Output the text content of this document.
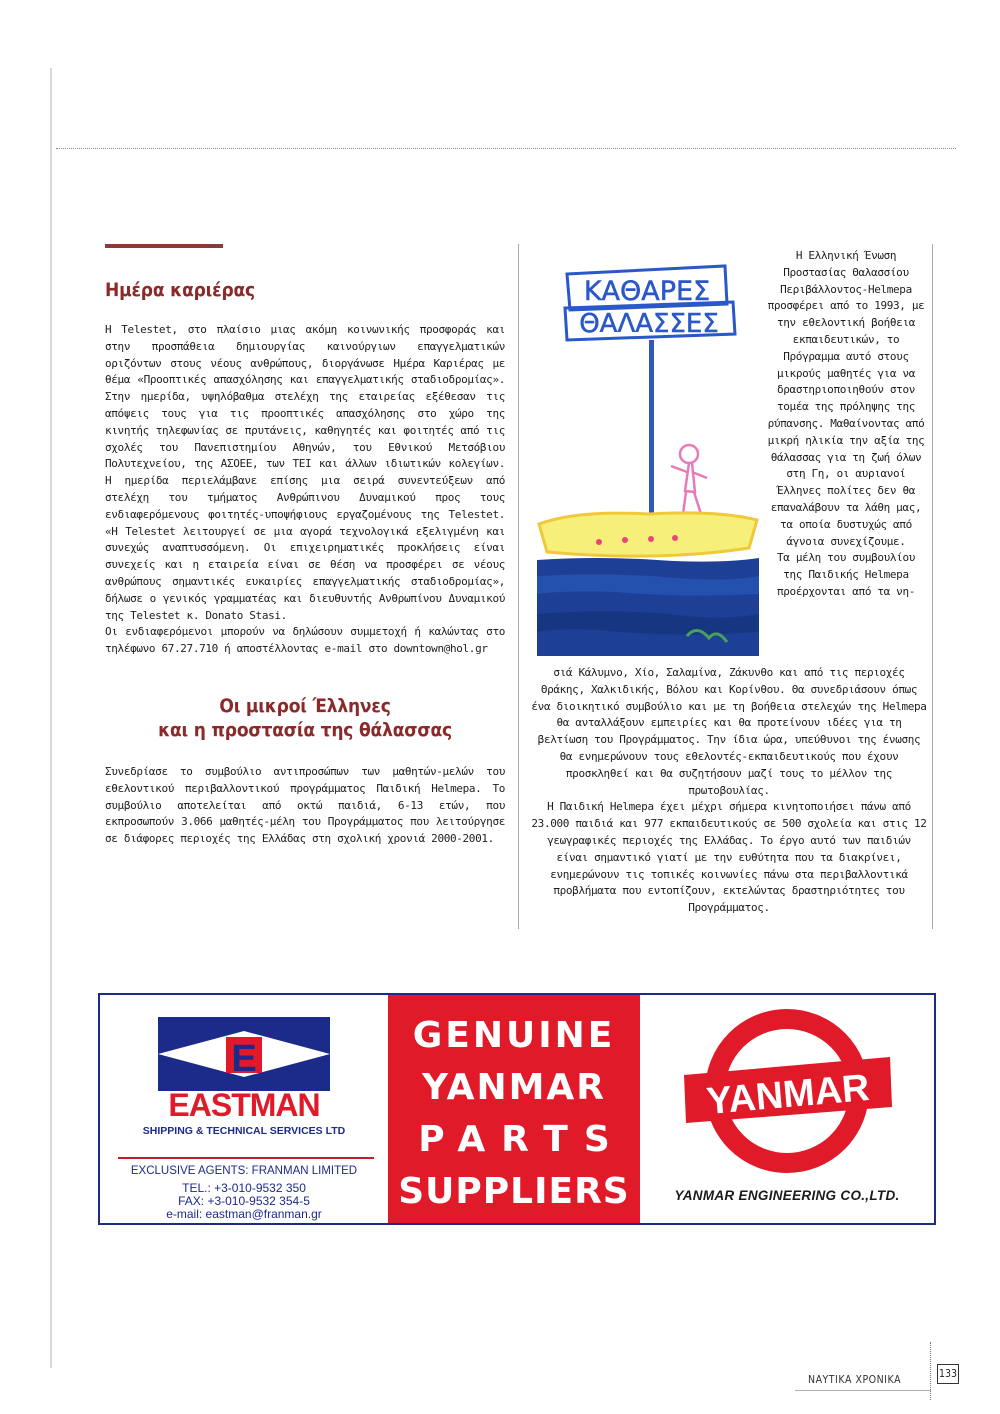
Ημέρα καριέρας

Η Telestet, στο πλαίσιο μιας ακόμη κοινωνικής προσφοράς και στην προσπάθεια δημιουργίας καινούργιων επαγγελματικών οριζόντων στους νέους ανθρώπους, διοργάνωσε Ημέρα Καριέρας με θέμα «Προοπτικές απασχόλησης και επαγγελματικής σταδιοδρομίας». Στην ημερίδα, υψηλόβαθμα στελέχη της εταιρείας εξέθεσαν τις απόψεις τους για τις προοπτικές απασχόλησης στο χώρο της κινητής τηλεφωνίας σε πρυτάνεις, καθηγητές και φοιτητές από τις σχολές του Πανεπιστημίου Αθηνών, του Εθνικού Μετσόβιου Πολυτεχνείου, της ΑΣΟΕΕ, των ΤΕΙ και άλλων ιδιωτικών κολεγίων. Η ημερίδα περιελάμβανε επίσης μια σειρά συνεντεύξεων από στελέχη του τμήματος Ανθρώπινου Δυναμικού προς τους ενδιαφερόμενους φοιτητές-υποψήφιους εργαζομένους της Telestet. «Η Telestet λειτουργεί σε μια αγορά τεχνολογικά εξελιγμένη και συνεχώς αναπτυσσόμενη. Οι επιχειρηματικές προκλήσεις είναι συνεχείς και η εταιρεία είναι σε θέση να προσφέρει σε νέους ανθρώπους σημαντικές ευκαιρίες επαγγελματικής σταδιοδρομίας», δήλωσε ο γενικός γραμματέας και διευθυντής Ανθρωπίνου Δυναμικού της Telestet κ. Donato Stasi.

Οι ενδιαφερόμενοι μπορούν να δηλώσουν συμμετοχή ή καλώντας στο τηλέφωνο 67.27.710 ή αποστέλλοντας e-mail στο downtown@hol.gr

Οι μικροί Έλληνες
και η προστασία της θάλασσας

Συνεδρίασε το συμβούλιο αντιπροσώπων των μαθητών-μελών του εθελοντικού περιβαλλοντικού προγράμματος Παιδική Helmepa. Το συμβούλιο αποτελείται από οκτώ παιδιά, 6-13 ετών, που εκπροσωπούν 3.066 μαθητές-μέλη του Προγράμματος που λειτούργησε σε διάφορες περιοχές της Ελλάδας στη σχολική χρονιά 2000-2001.

ΚΑΘΑΡΕΣ
ΘΑΛΑΣΣΕΣ

Η Ελληνική Ένωση Προστασίας Θαλασσίου Περιβάλλοντος-Helmepa προσφέρει από το 1993, με την εθελοντική βοήθεια εκπαιδευτικών, το Πρόγραμμα αυτό στους μικρούς μαθητές για να δραστηριοποιηθούν στον τομέα της πρόληψης της ρύπανσης. Μαθαίνοντας από μικρή ηλικία την αξία της θάλασσας για τη ζωή όλων στη Γη, οι αυριανοί Έλληνες πολίτες δεν θα επαναλάβουν τα λάθη μας, τα οποία δυστυχώς από άγνοια συνεχίζουμε.

Τα μέλη του συμβουλίου της Παιδικής Helmepa προέρχονται από τα νη-

σιά Κάλυμνο, Χίο, Σαλαμίνα, Ζάκυνθο και από τις περιοχές Θράκης, Χαλκιδικής, Βόλου και Κορίνθου. Θα συνεδριάσουν όπως ένα διοικητικό συμβούλιο και με τη βοήθεια στελεχών της Helmepa θα ανταλλάξουν εμπειρίες και θα προτείνουν ιδέες για τη βελτίωση του Προγράμματος. Την ίδια ώρα, υπεύθυνοι της ένωσης θα ενημερώνουν τους εθελοντές-εκπαιδευτικούς που έχουν προσκληθεί και θα συζητήσουν μαζί τους το μέλλον της πρωτοβουλίας.

Η Παιδική Helmepa έχει μέχρι σήμερα κινητοποιήσει πάνω από 23.000 παιδιά και 977 εκπαιδευτικούς σε 500 σχολεία και στις 12 γεωγραφικές περιοχές της Ελλάδας. Το έργο αυτό των παιδιών είναι σημαντικό γιατί με την ευθύτητα που τα διακρίνει, ενημερώνουν τις τοπικές κοινωνίες πάνω στα περιβαλλοντικά προβλήματα που εντοπίζουν, εκτελώντας δραστηριότητες του Προγράμματος.

E
EASTMAN
SHIPPING & TECHNICAL SERVICES LTD
EXCLUSIVE AGENTS: FRANMAN LIMITED
TEL.: +3-010-9532 350
FAX: +3-010-9532 354-5
e-mail: eastman@franman.gr
GENUINE
YANMAR
PARTS
SUPPLIERS
YANMAR
YANMAR ENGINEERING CO.,LTD.
ΝΑΥΤΙΚΑ ΧΡΟΝΙΚΑ	133
